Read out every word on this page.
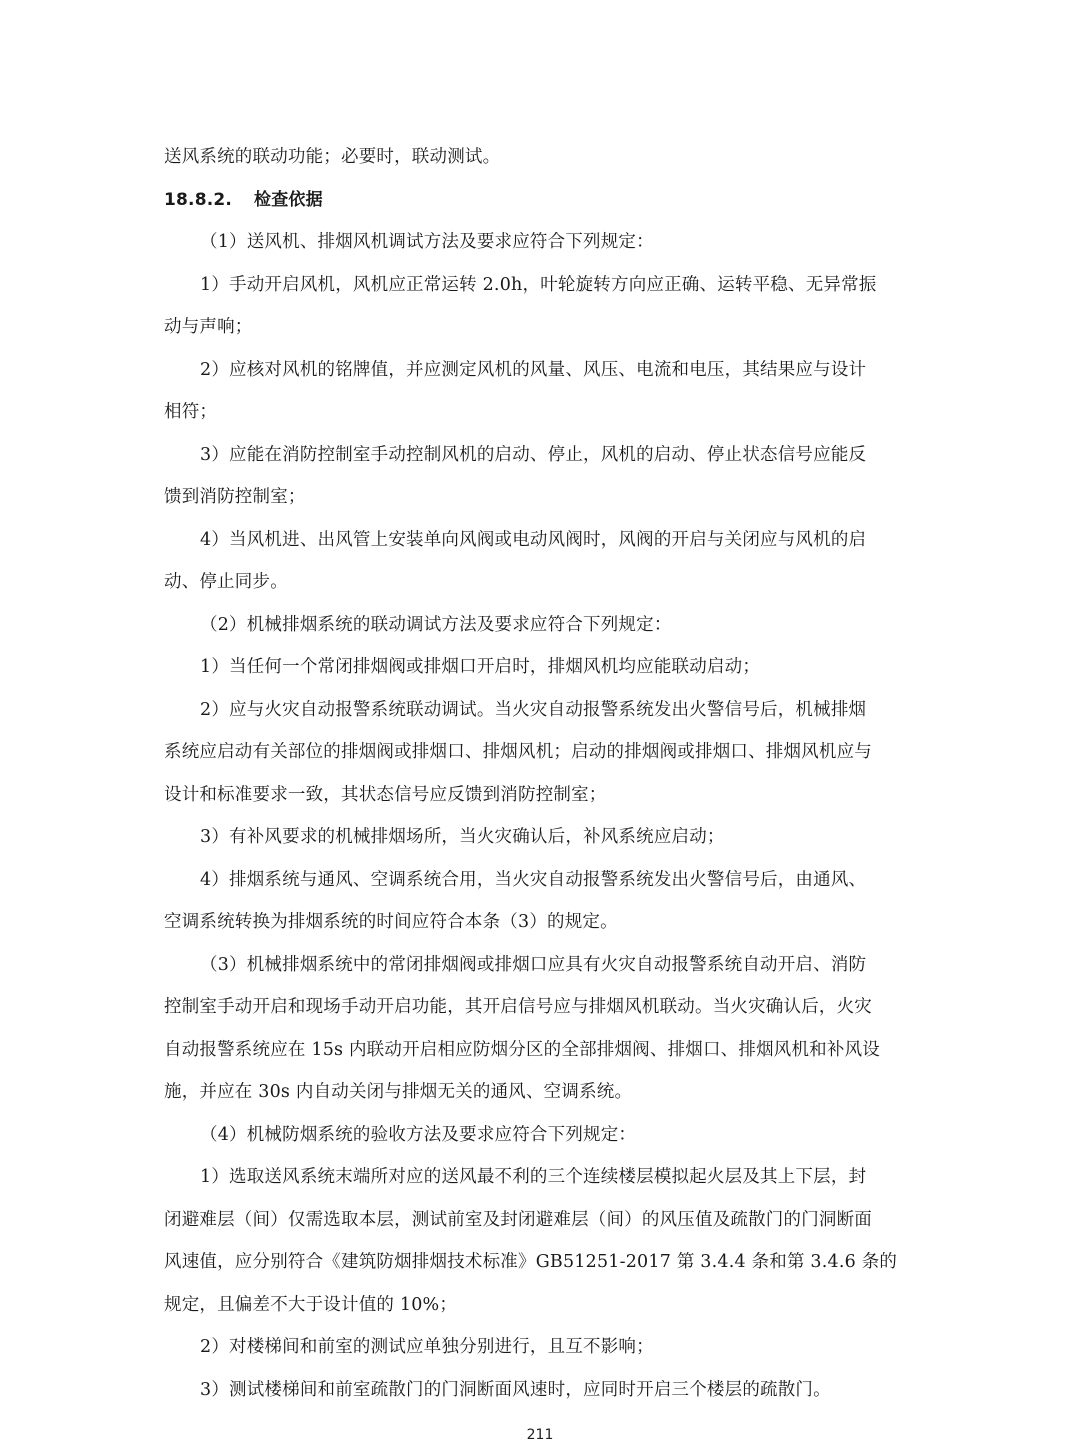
送风系统的联动功能；必要时，联动测试。
18.8.2. 检查依据
（1）送风机、排烟风机调试方法及要求应符合下列规定：
1）手动开启风机，风机应正常运转 2.0h，叶轮旋转方向应正确、运转平稳、无异常振
动与声响；
2）应核对风机的铭牌值，并应测定风机的风量、风压、电流和电压，其结果应与设计
相符；
3）应能在消防控制室手动控制风机的启动、停止，风机的启动、停止状态信号应能反
馈到消防控制室；
4）当风机进、出风管上安装单向风阀或电动风阀时，风阀的开启与关闭应与风机的启
动、停止同步。
（2）机械排烟系统的联动调试方法及要求应符合下列规定：
1）当任何一个常闭排烟阀或排烟口开启时，排烟风机均应能联动启动；
2）应与火灾自动报警系统联动调试。当火灾自动报警系统发出火警信号后，机械排烟
系统应启动有关部位的排烟阀或排烟口、排烟风机；启动的排烟阀或排烟口、排烟风机应与
设计和标准要求一致，其状态信号应反馈到消防控制室；
3）有补风要求的机械排烟场所，当火灾确认后，补风系统应启动；
4）排烟系统与通风、空调系统合用，当火灾自动报警系统发出火警信号后，由通风、
空调系统转换为排烟系统的时间应符合本条（3）的规定。
（3）机械排烟系统中的常闭排烟阀或排烟口应具有火灾自动报警系统自动开启、消防
控制室手动开启和现场手动开启功能，其开启信号应与排烟风机联动。当火灾确认后，火灾
自动报警系统应在 15s 内联动开启相应防烟分区的全部排烟阀、排烟口、排烟风机和补风设
施，并应在 30s 内自动关闭与排烟无关的通风、空调系统。
（4）机械防烟系统的验收方法及要求应符合下列规定：
1）选取送风系统末端所对应的送风最不利的三个连续楼层模拟起火层及其上下层，封
闭避难层（间）仅需选取本层，测试前室及封闭避难层（间）的风压值及疏散门的门洞断面
风速值，应分别符合《建筑防烟排烟技术标准》GB51251-2017 第 3.4.4 条和第 3.4.6 条的
规定，且偏差不大于设计值的 10%；
2）对楼梯间和前室的测试应单独分别进行，且互不影响；
3）测试楼梯间和前室疏散门的门洞断面风速时，应同时开启三个楼层的疏散门。
211
